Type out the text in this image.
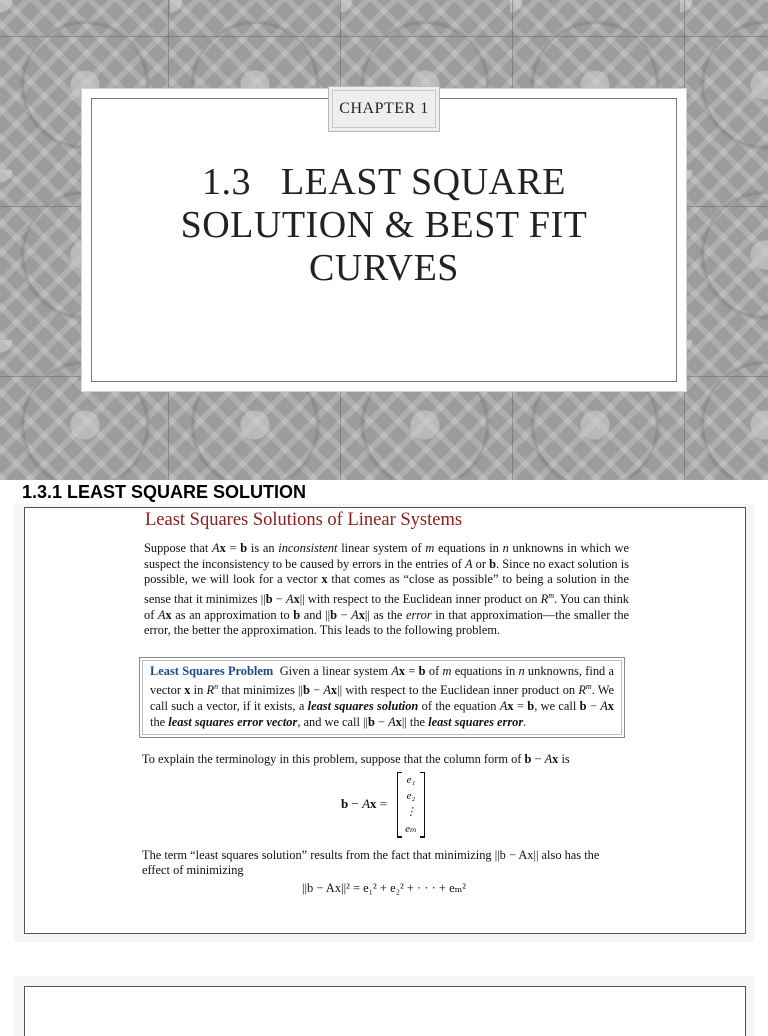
CHAPTER 1
1.3   LEAST SQUARE
SOLUTION & BEST FIT
CURVES
1.3.1 LEAST SQUARE SOLUTION
Least Squares Solutions of Linear Systems
Suppose that Ax = b is an inconsistent linear system of m equations in n unknowns in which we suspect the inconsistency to be caused by errors in the entries of A or b. Since no exact solution is possible, we will look for a vector x that comes as “close as possible” to being a solution in the sense that it minimizes ||b − Ax|| with respect to the Euclidean inner product on $R^m$. You can think of Ax as an approximation to b and ||b − Ax|| as the error in that approximation—the smaller the error, the better the approximation. This leads to the following problem.
Least Squares Problem  Given a linear system Ax = b of m equations in n unknowns, find a vector x in $R^n$ that minimizes ||b − Ax|| with respect to the Euclidean inner product on $R^m$. We call such a vector, if it exists, a least squares solution of the equation Ax = b, we call b − Ax the least squares error vector, and we call ||b − Ax|| the least squares error.
To explain the terminology in this problem, suppose that the column form of b − Ax is
b − Ax =
e₁
e₂
⋮
eₘ
The term “least squares solution” results from the fact that minimizing ||b − Ax|| also has the effect of minimizing
||b − Ax||² = e₁² + e₂² + · · · + eₘ²
